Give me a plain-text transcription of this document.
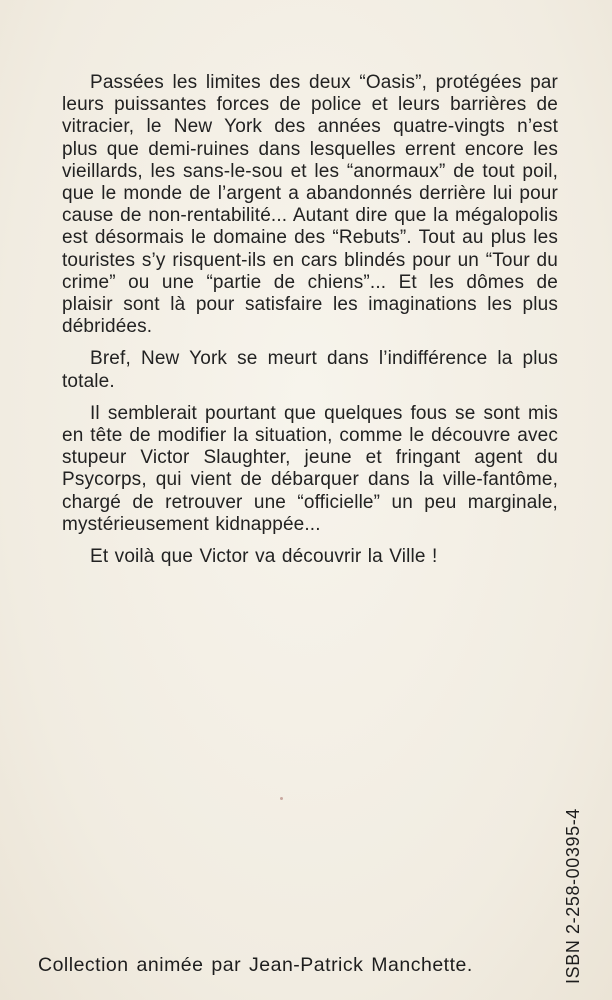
Passées les limites des deux “Oasis”, protégées par leurs puissantes forces de police et leurs barrières de vitracier, le New York des années quatre-vingts n’est plus que demi-ruines dans lesquelles errent encore les vieillards, les sans-le-sou et les “anormaux” de tout poil, que le monde de l’argent a abandonnés derrière lui pour cause de non-rentabilité... Autant dire que la mégalopolis est désormais le domaine des “Rebuts”. Tout au plus les touristes s’y risquent-ils en cars blindés pour un “Tour du crime” ou une “partie de chiens”... Et les dômes de plaisir sont là pour satisfaire les imaginations les plus débridées.

Bref, New York se meurt dans l’indifférence la plus totale.

Il semblerait pourtant que quelques fous se sont mis en tête de modifier la situation, comme le découvre avec stupeur Victor Slaughter, jeune et fringant agent du Psycorps, qui vient de débarquer dans la ville-fantôme, chargé de retrouver une “officielle” un peu marginale, mystérieusement kidnappée...

Et voilà que Victor va découvrir la Ville !

ISBN 2-258-00395-4
Collection animée par Jean-Patrick Manchette.
